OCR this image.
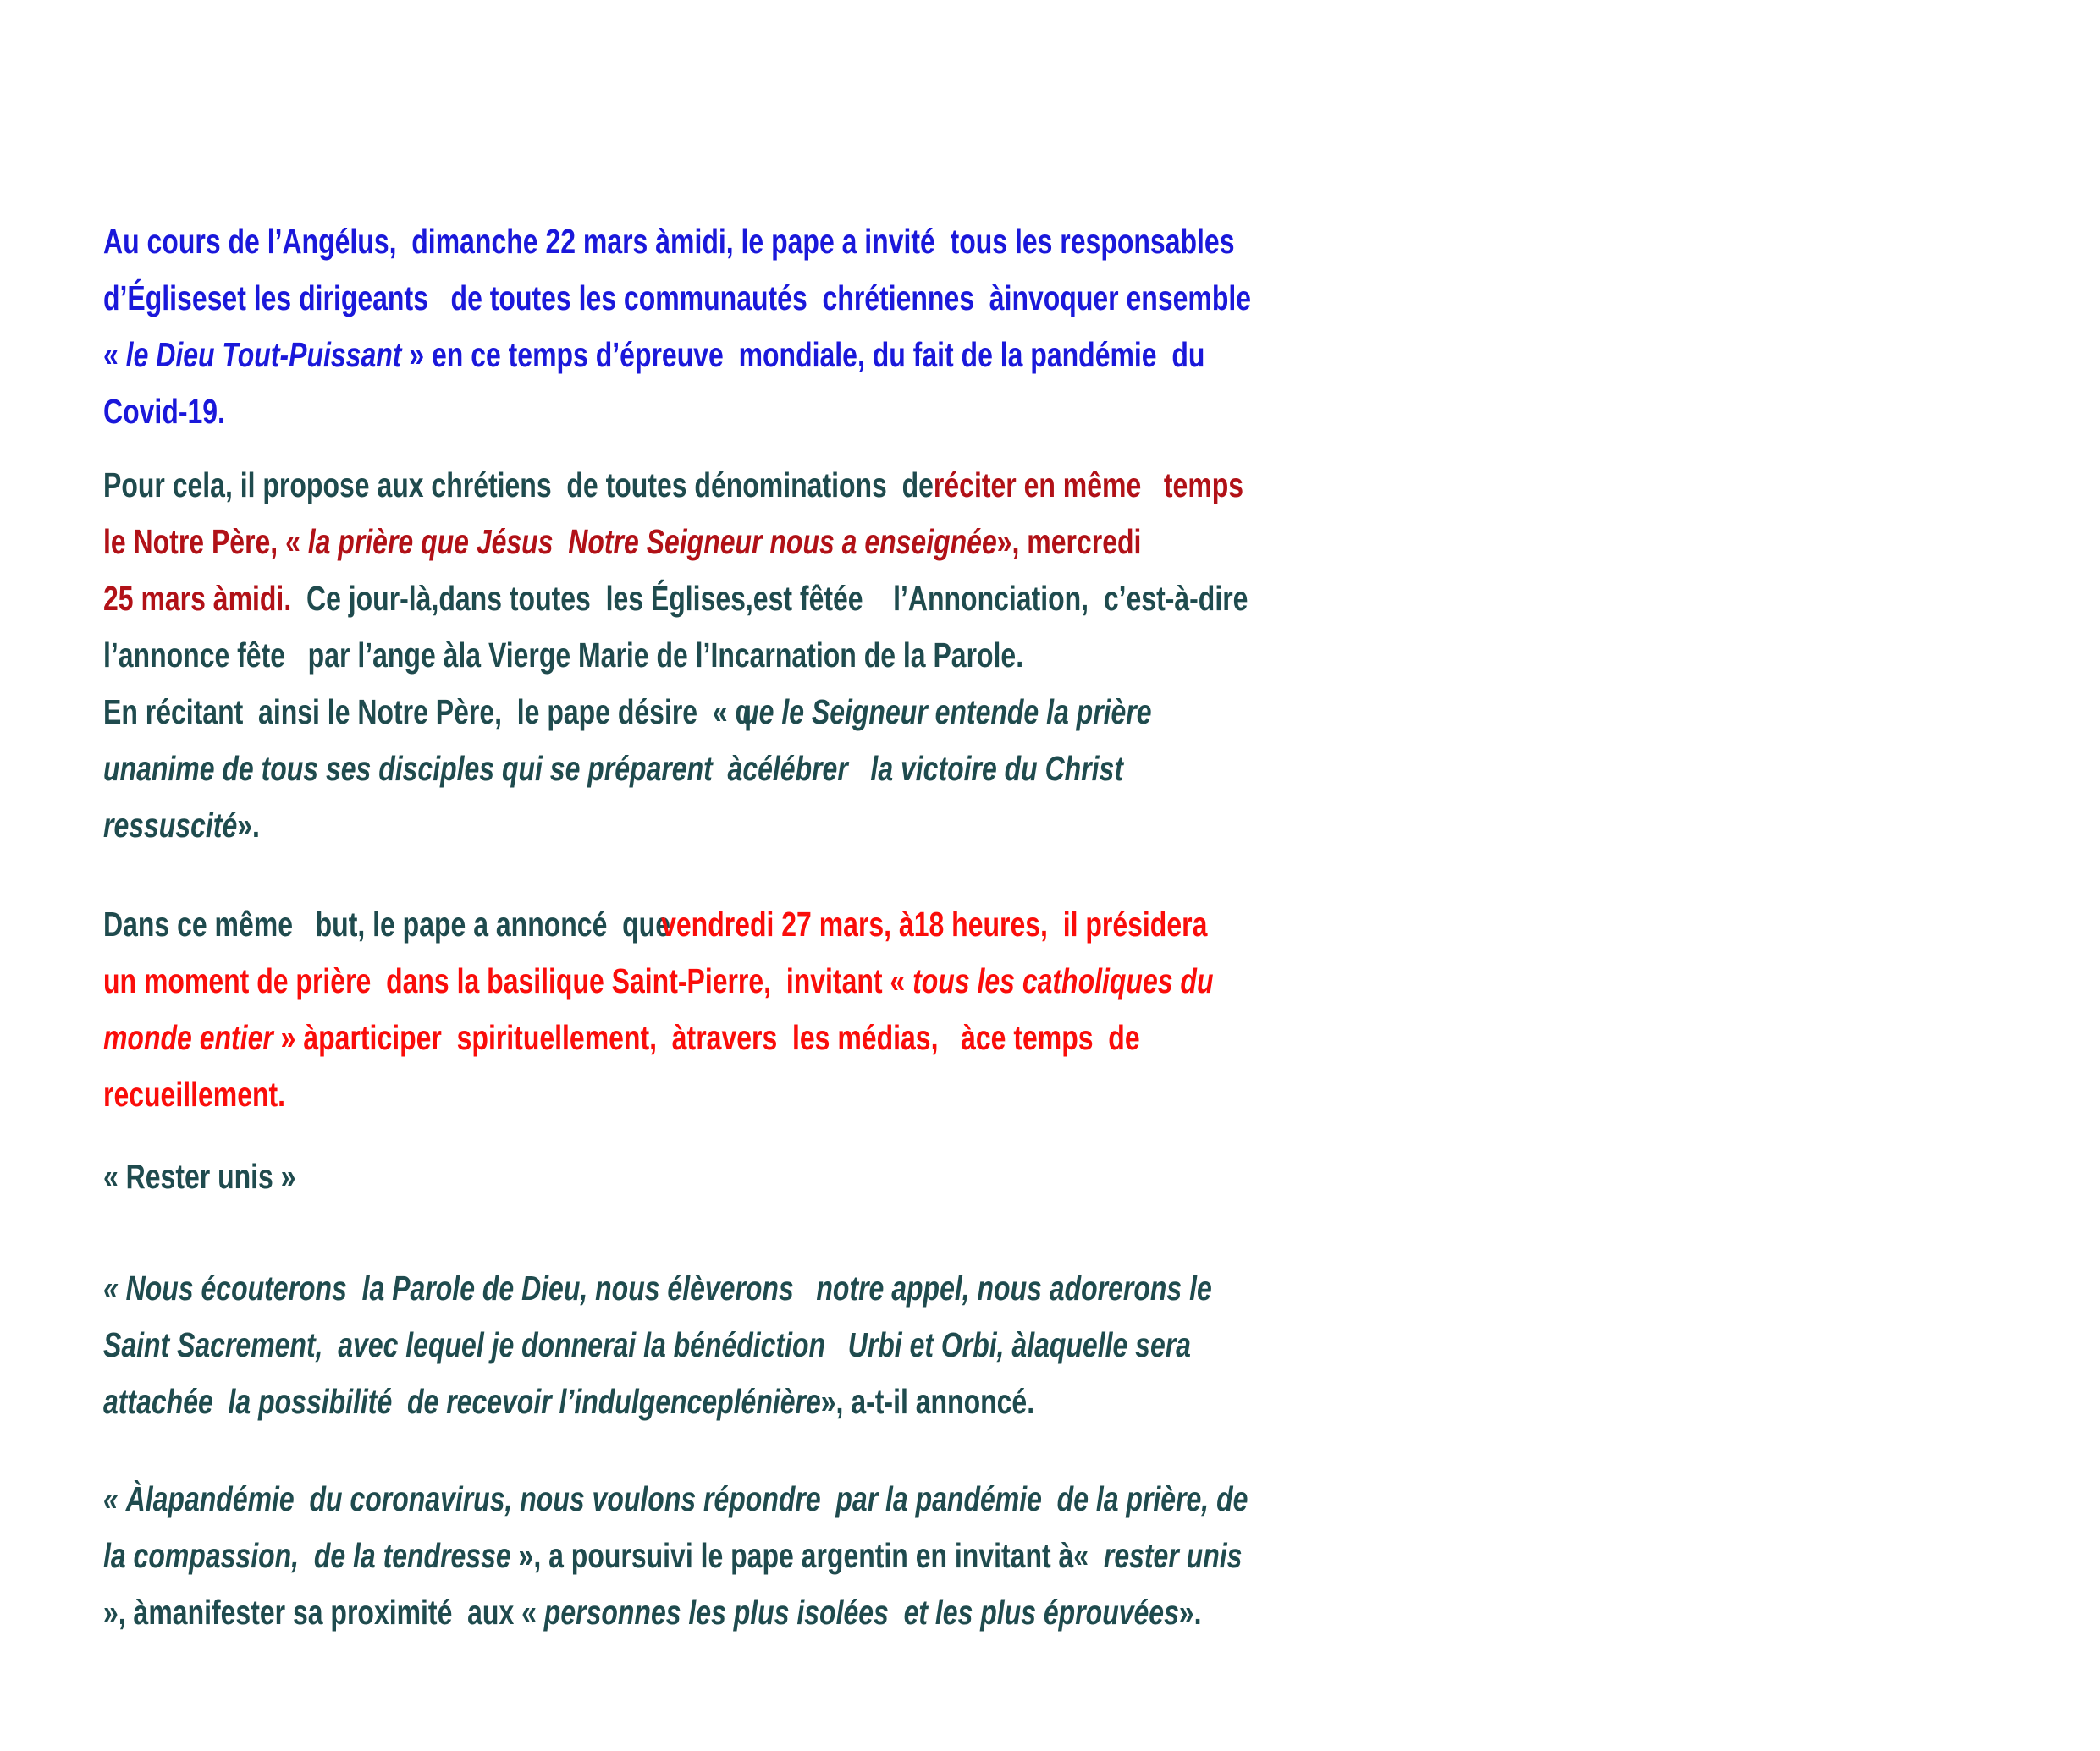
Au cours de l’Angélus,  dimanche 22 mars àmidi, le pape a invité  tous les responsables
d’Égliseset les dirigeants   de toutes les communautés  chrétiennes  àinvoquer ensemble
« le Dieu Tout-Puissant » en ce temps d’épreuve  mondiale, du fait de la pandémie  du
Covid-19.
Pour cela, il propose aux chrétiens  de toutes dénominations  deréciter en même   temps
le Notre Père, « la prière que Jésus  Notre Seigneur nous a enseignée», mercredi
25 mars àmidi.  Ce jour-là,dans toutes  les Églises,est fêtée    l’Annonciation,  c’est-à-dire
l’annonce fête   par l’ange àla Vierge Marie de l’Incarnation de la Parole.
En récitant  ainsi le Notre Père,  le pape désire  « que le Seigneur entende la prière
unanime de tous ses disciples qui se préparent  àcélébrer   la victoire du Christ
ressuscité».
Dans ce même   but, le pape a annoncé  quevendredi 27 mars, à18 heures,  il présidera
un moment de prière  dans la basilique Saint-Pierre,  invitant « tous les catholiques du
monde entier » àparticiper  spirituellement,  àtravers  les médias,   àce temps  de
recueillement.
« Rester unis »
« Nous écouterons  la Parole de Dieu, nous élèverons   notre appel, nous adorerons le
Saint Sacrement,  avec lequel je donnerai la bénédiction   Urbi et Orbi, àlaquelle sera
attachée  la possibilité  de recevoir l’indulgenceplénière», a-t-il annoncé.
« Àlapandémie  du coronavirus, nous voulons répondre  par la pandémie  de la prière, de
la compassion,  de la tendresse », a poursuivi le pape argentin en invitant à«  rester unis
», àmanifester sa proximité  aux « personnes les plus isolées  et les plus éprouvées».
